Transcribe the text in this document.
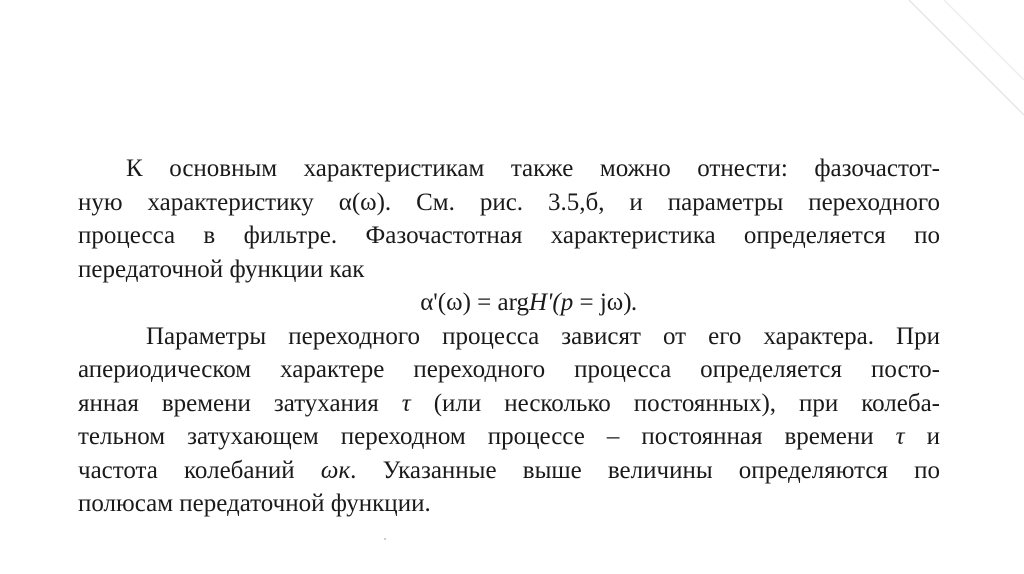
К основным характеристикам также можно отнести: фазочастот-
ную характеристику α(ω). См. рис. 3.5,б, и параметры переходного
процесса в фильтре. Фазочастотная характеристика определяется по
передаточной функции как
α'(ω) = argH'(p = jω).
Параметры переходного процесса зависят от его характера. При
апериодическом характере переходного процесса определяется посто-
янная времени затухания τ (или несколько постоянных), при колеба-
тельном затухающем переходном процессе – постоянная времени τ и
частота колебаний ωк. Указанные выше величины определяются по
полюсам передаточной функции.
